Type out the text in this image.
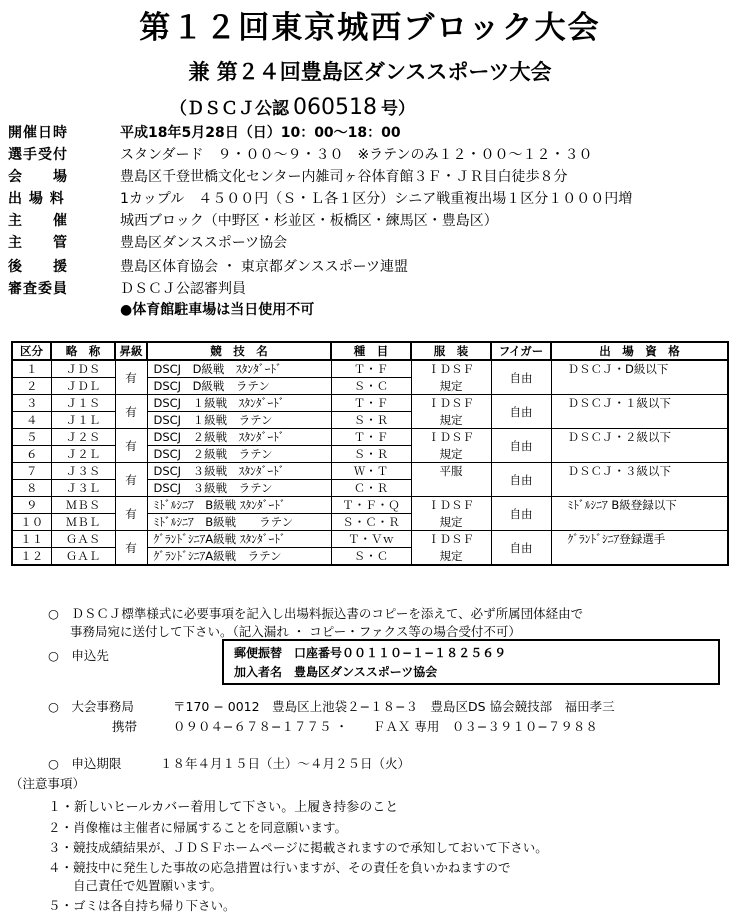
第１２回東京城西ブロック大会
兼 第２４回豊島区ダンススポーツ大会
（ＤＳＣＪ公認 060518 号）
開催日時	平成18年5月28日（日）10：00〜18：00
選手受付	スタンダード　９・００〜９・３０　※ラテンのみ１２・００〜１２・３０
会　　場	豊島区千登世橋文化センター内雑司ヶ谷体育館３Ｆ・ＪＲ目白徒歩８分
出 場 料	1カップル　４５００円（Ｓ・Ｌ各１区分）シニア戦重複出場１区分１０００円増
主　　催	城西ブロック（中野区・杉並区・板橋区・練馬区・豊島区）
主　　管	豊島区ダンススポーツ協会
後　　援	豊島区体育協会 ・ 東京都ダンススポーツ連盟
審査委員	ＤＳＣＪ公認審判員
●体育館駐車場は当日使用不可
区分	略　称	昇級	競　技　名	種　目	服　装	フイガー	出　場　資　格
１	ＪＤＳ	有	DSCJ　D級戦　ｽﾀﾝﾀﾞｰﾄﾞ	Ｔ・Ｆ	ＩＤＳＦ	自由	ＤＳＣＪ・D級以下
２	ＪＤＬ		DSCJ　D級戦　ラテン	Ｓ・Ｃ	規定		
３	Ｊ１Ｓ	有	DSCJ　１級戦　ｽﾀﾝﾀﾞｰﾄﾞ	Ｔ・Ｆ	ＩＤＳＦ	自由	ＤＳＣＪ・１級以下
４	Ｊ１Ｌ		DSCJ　１級戦　ラテン	Ｓ・Ｒ	規定		
５	Ｊ２Ｓ	有	DSCJ　２級戦　ｽﾀﾝﾀﾞｰﾄﾞ	Ｔ・Ｆ	ＩＤＳＦ	自由	ＤＳＣＪ・２級以下
６	Ｊ２Ｌ		DSCJ　２級戦　ラテン	Ｓ・Ｒ	規定		
７	Ｊ３Ｓ	有	DSCJ　３級戦　ｽﾀﾝﾀﾞｰﾄﾞ	Ｗ・Ｔ	平服	自由	ＤＳＣＪ・３級以下
８	Ｊ３Ｌ		DSCJ　３級戦　ラテン	Ｃ・Ｒ			
９	ＭＢＳ	有	ﾐﾄﾞﾙｼﾆｱ　B級戦 ｽﾀﾝﾀﾞｰﾄﾞ	Ｔ・Ｆ・Ｑ	ＩＤＳＦ	自由	ﾐﾄﾞﾙｼﾆｱ B級登録以下
１０	ＭＢＬ		ﾐﾄﾞﾙｼﾆｱ　B級戦　　ラテン	Ｓ・Ｃ・Ｒ	規定		
１１	ＧＡＳ	有	ｸﾞﾗﾝﾄﾞｼﾆｱA級戦 ｽﾀﾝﾀﾞｰﾄﾞ	Ｔ・Ｖｗ	ＩＤＳＦ	自由	ｸﾞﾗﾝﾄﾞｼﾆｱ登録選手
１２	ＧＡＬ		ｸﾞﾗﾝﾄﾞｼﾆｱA級戦　ラテン	Ｓ・Ｃ	規定		
○　ＤＳＣＪ標準様式に必要事項を記入し出場料振込書のコピーを添えて、必ず所属団体経由で
事務局宛に送付して下さい。（記入漏れ ・ コピー・ファクス等の場合受付不可）
○　申込先	郵便振替　口座番号００１１０−１−１８２５６９
加入者名　豊島区ダンススポーツ協会
○　大会事務局	〒170 − 0012　豊島区上池袋２−１８−３　豊島区DS 協会競技部　福田孝三
携帯	０９０４−６７８−１７７５ ・　　ＦＡＸ 専用　０３−３９１０−７９８８
○　申込期限	１８年４月１５日（土）〜４月２５日（火）
（注意事項）
１・新しいヒールカバー着用して下さい。上履き持参のこと
２・肖像権は主催者に帰属することを同意願います。
３・競技成績結果が、ＪＤＳＦホームページに掲載されますので承知しておいて下さい。
４・競技中に発生した事故の応急措置は行いますが、その責任を負いかねますので
　　自己責任で処置願います。
５・ゴミは各自持ち帰り下さい。
